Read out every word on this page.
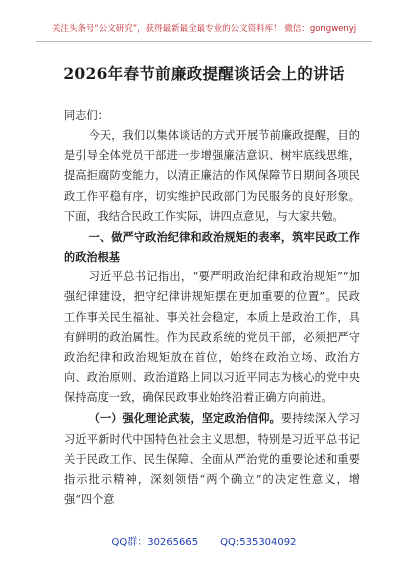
关注头条号“公文研究”，获得最新最全最专业的公文资料库！ 微信：gongwenyj
2026年春节前廉政提醒谈话会上的讲话

同志们：

今天，我们以集体谈话的方式开展节前廉政提醒，目的是引导全体党员干部进一步增强廉洁意识、树牢底线思维，提高拒腐防变能力，以清正廉洁的作风保障节日期间各项民政工作平稳有序，切实维护民政部门为民服务的良好形象。下面，我结合民政工作实际，讲四点意见，与大家共勉。

一、做严守政治纪律和政治规矩的表率，筑牢民政工作的政治根基

习近平总书记指出，“要严明政治纪律和政治规矩”“加强纪律建设，把守纪律讲规矩摆在更加重要的位置”。民政工作事关民生福祉、事关社会稳定，本质上是政治工作，具有鲜明的政治属性。作为民政系统的党员干部，必须把严守政治纪律和政治规矩放在首位，始终在政治立场、政治方向、政治原则、政治道路上同以习近平同志为核心的党中央保持高度一致，确保民政事业始终沿着正确方向前进。

（一）强化理论武装，坚定政治信仰。要持续深入学习习近平新时代中国特色社会主义思想，特别是习近平总书记关于民政工作、民生保障、全面从严治党的重要论述和重要指示批示精神，深刻领悟“两个确立”的决定性意义，增强“四个意

QQ群：30265665 QQ:535304092
